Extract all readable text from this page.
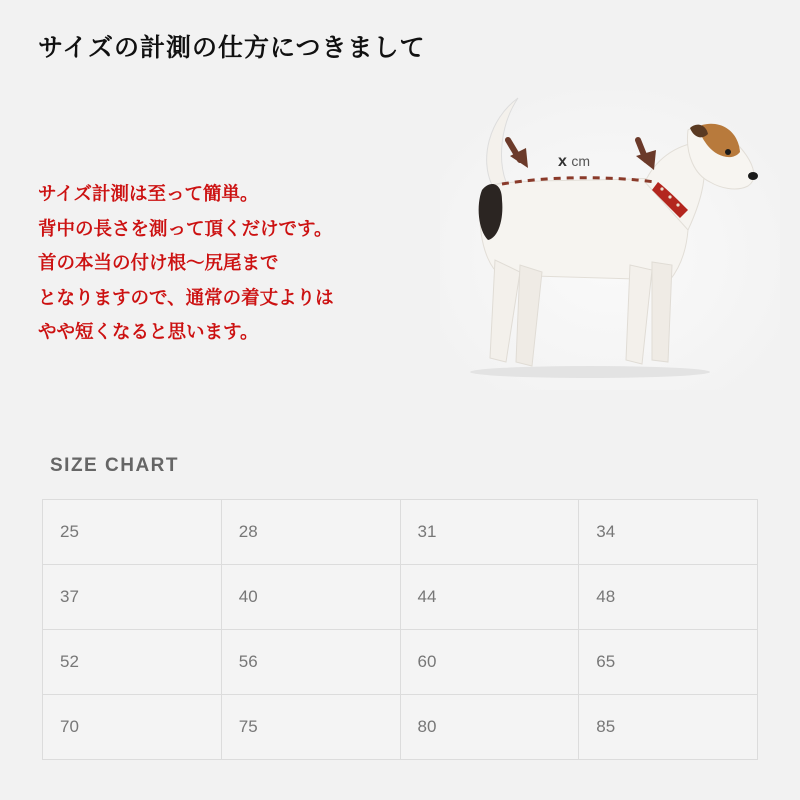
サイズの計測の仕方につきまして
サイズ計測は至って簡単。
背中の長さを測って頂くだけです。
首の本当の付け根〜尻尾まで
となりますので、通常の着丈よりは
やや短くなると思います。
x cm
SIZE CHART
25	28	31	34
37	40	44	48
52	56	60	65
70	75	80	85
